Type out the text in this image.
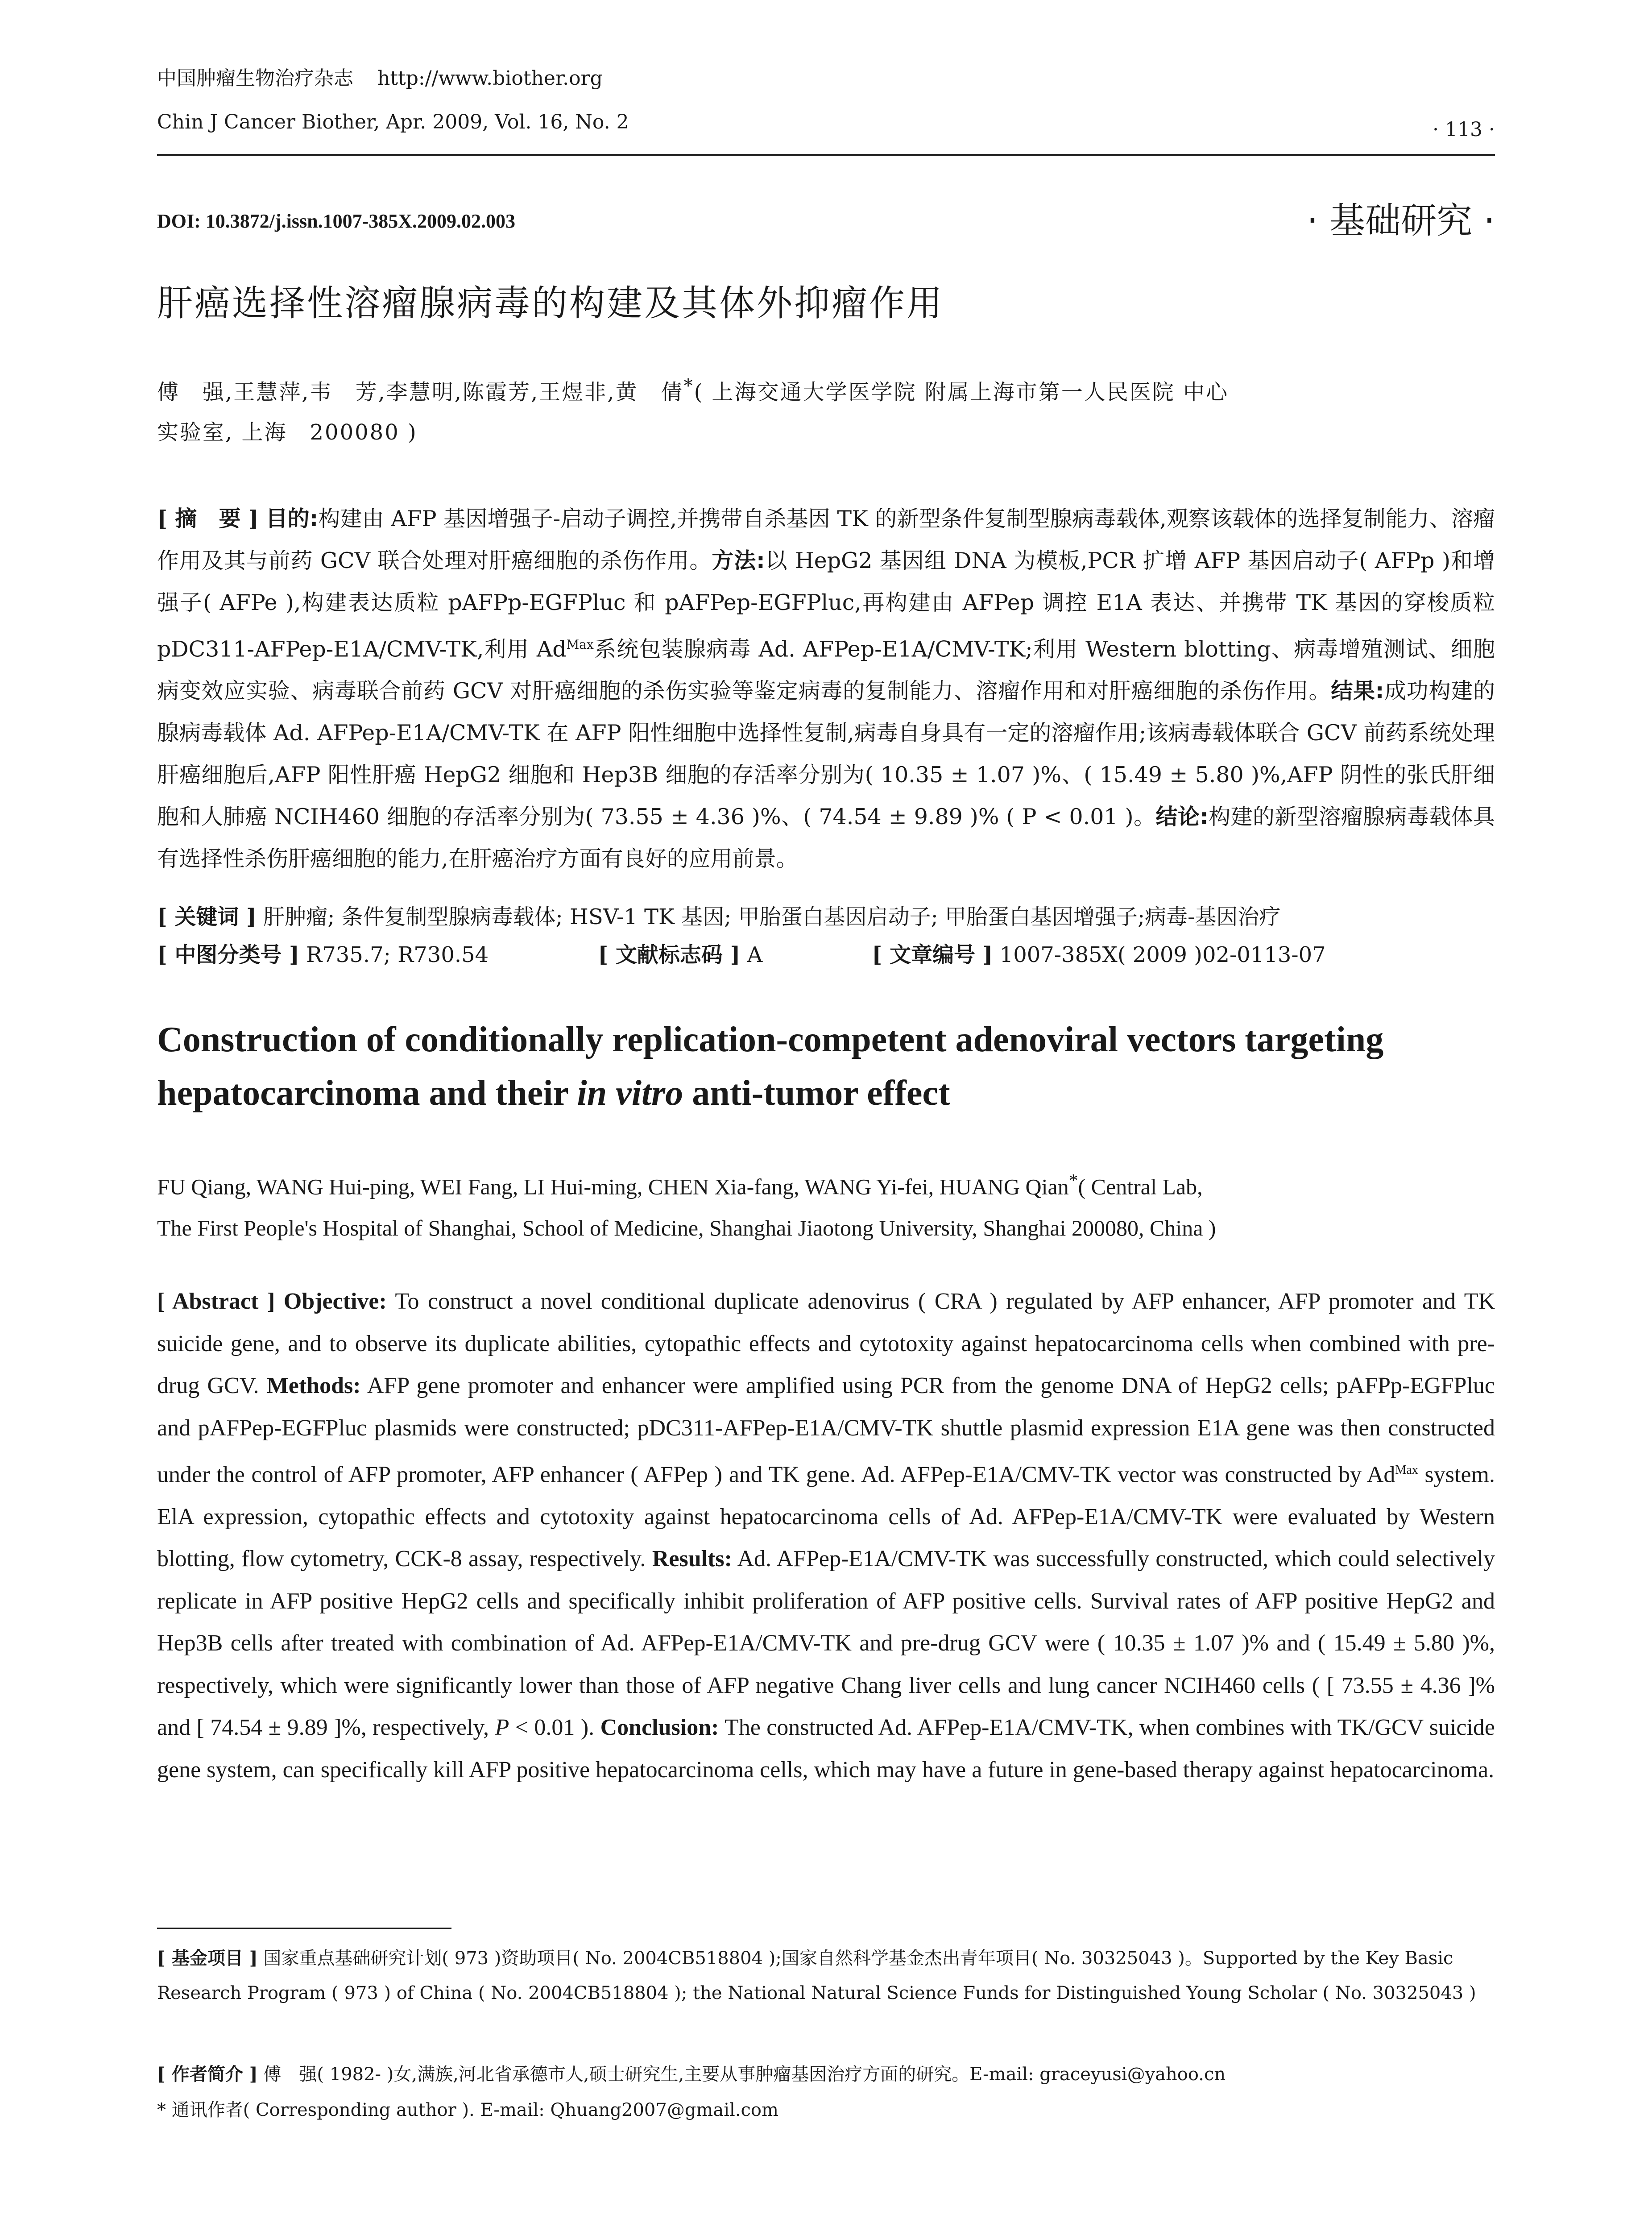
中国肿瘤生物治疗杂志 http://www.biother.org
Chin J Cancer Biother, Apr. 2009, Vol. 16, No. 2	· 113 ·
DOI: 10.3872/j.issn.1007-385X.2009.02.003	· 基础研究 ·
肝癌选择性溶瘤腺病毒的构建及其体外抑瘤作用
傅　强,王慧萍,韦　芳,李慧明,陈霞芳,王煜非,黄　倩*( 上海交通大学医学院 附属上海市第一人民医院 中心
实验室, 上海　200080 )
[ 摘　要 ] 目的:构建由 AFP 基因增强子-启动子调控,并携带自杀基因 TK 的新型条件复制型腺病毒载体,观察该载体的选择复制能力、溶瘤作用及其与前药 GCV 联合处理对肝癌细胞的杀伤作用。方法:以 HepG2 基因组 DNA 为模板,PCR 扩增 AFP 基因启动子( AFPp )和增强子( AFPe ),构建表达质粒 pAFPp-EGFPluc 和 pAFPep-EGFPluc,再构建由 AFPep 调控 E1A 表达、并携带 TK 基因的穿梭质粒 pDC311-AFPep-E1A/CMV-TK,利用 $Ad^{Max}$系统包装腺病毒 Ad. AFPep-E1A/CMV-TK;利用 Western blotting、病毒增殖测试、细胞病变效应实验、病毒联合前药 GCV 对肝癌细胞的杀伤实验等鉴定病毒的复制能力、溶瘤作用和对肝癌细胞的杀伤作用。结果:成功构建的腺病毒载体 Ad. AFPep-E1A/CMV-TK 在 AFP 阳性细胞中选择性复制,病毒自身具有一定的溶瘤作用;该病毒载体联合 GCV 前药系统处理肝癌细胞后,AFP 阳性肝癌 HepG2 细胞和 Hep3B 细胞的存活率分别为( 10.35 ± 1.07 )%、( 15.49 ± 5.80 )%,AFP 阴性的张氏肝细胞和人肺癌 NCIH460 细胞的存活率分别为( 73.55 ± 4.36 )%、( 74.54 ± 9.89 )% ( P < 0.01 )。结论:构建的新型溶瘤腺病毒载体具有选择性杀伤肝癌细胞的能力,在肝癌治疗方面有良好的应用前景。
[ 关键词 ] 肝肿瘤; 条件复制型腺病毒载体; HSV-1 TK 基因; 甲胎蛋白基因启动子; 甲胎蛋白基因增强子;病毒-基因治疗
[ 中图分类号 ] R735.7; R730.54	[ 文献标志码 ] A	[ 文章编号 ] 1007-385X( 2009 )02-0113-07
Construction of conditionally replication-competent adenoviral vectors targeting
hepatocarcinoma and their in vitro anti-tumor effect
FU Qiang, WANG Hui-ping, WEI Fang, LI Hui-ming, CHEN Xia-fang, WANG Yi-fei, HUANG Qian*( Central Lab,
The First People's Hospital of Shanghai, School of Medicine, Shanghai Jiaotong University, Shanghai 200080, China )
[ Abstract ] Objective: To construct a novel conditional duplicate adenovirus ( CRA ) regulated by AFP enhancer, AFP promoter and TK suicide gene, and to observe its duplicate abilities, cytopathic effects and cytotoxity against hepatocarcinoma cells when combined with pre-drug GCV. Methods: AFP gene promoter and enhancer were amplified using PCR from the genome DNA of HepG2 cells; pAFPp-EGFPluc and pAFPep-EGFPluc plasmids were constructed; pDC311-AFPep-E1A/CMV-TK shuttle plasmid expression E1A gene was then constructed under the control of AFP promoter, AFP enhancer ( AFPep ) and TK gene. Ad. AFPep-E1A/CMV-TK vector was constructed by $Ad^{Max}$ system. ElA expression, cytopathic effects and cytotoxity against hepatocarcinoma cells of Ad. AFPep-E1A/CMV-TK were evaluated by Western blotting, flow cytometry, CCK-8 assay, respectively. Results: Ad. AFPep-E1A/CMV-TK was successfully constructed, which could selectively replicate in AFP positive HepG2 cells and specifically inhibit proliferation of AFP positive cells. Survival rates of AFP positive HepG2 and Hep3B cells after treated with combination of Ad. AFPep-E1A/CMV-TK and pre-drug GCV were ( 10.35 ± 1.07 )% and ( 15.49 ± 5.80 )%, respectively, which were significantly lower than those of AFP negative Chang liver cells and lung cancer NCIH460 cells ( [ 73.55 ± 4.36 ]% and [ 74.54 ± 9.89 ]%, respectively, P < 0.01 ). Conclusion: The constructed Ad. AFPep-E1A/CMV-TK, when combines with TK/GCV suicide gene system, can specifically kill AFP positive hepatocarcinoma cells, which may have a future in gene-based therapy against hepatocarcinoma.
[ 基金项目 ] 国家重点基础研究计划( 973 )资助项目( No. 2004CB518804 );国家自然科学基金杰出青年项目( No. 30325043 )。Supported by the Key Basic Research Program ( 973 ) of China ( No. 2004CB518804 ); the National Natural Science Funds for Distinguished Young Scholar ( No. 30325043 )
[ 作者简介 ] 傅　强( 1982- )女,满族,河北省承德市人,硕士研究生,主要从事肿瘤基因治疗方面的研究。E-mail: graceyusi@yahoo.cn
* 通讯作者( Corresponding author ). E-mail: Qhuang2007@gmail.com
